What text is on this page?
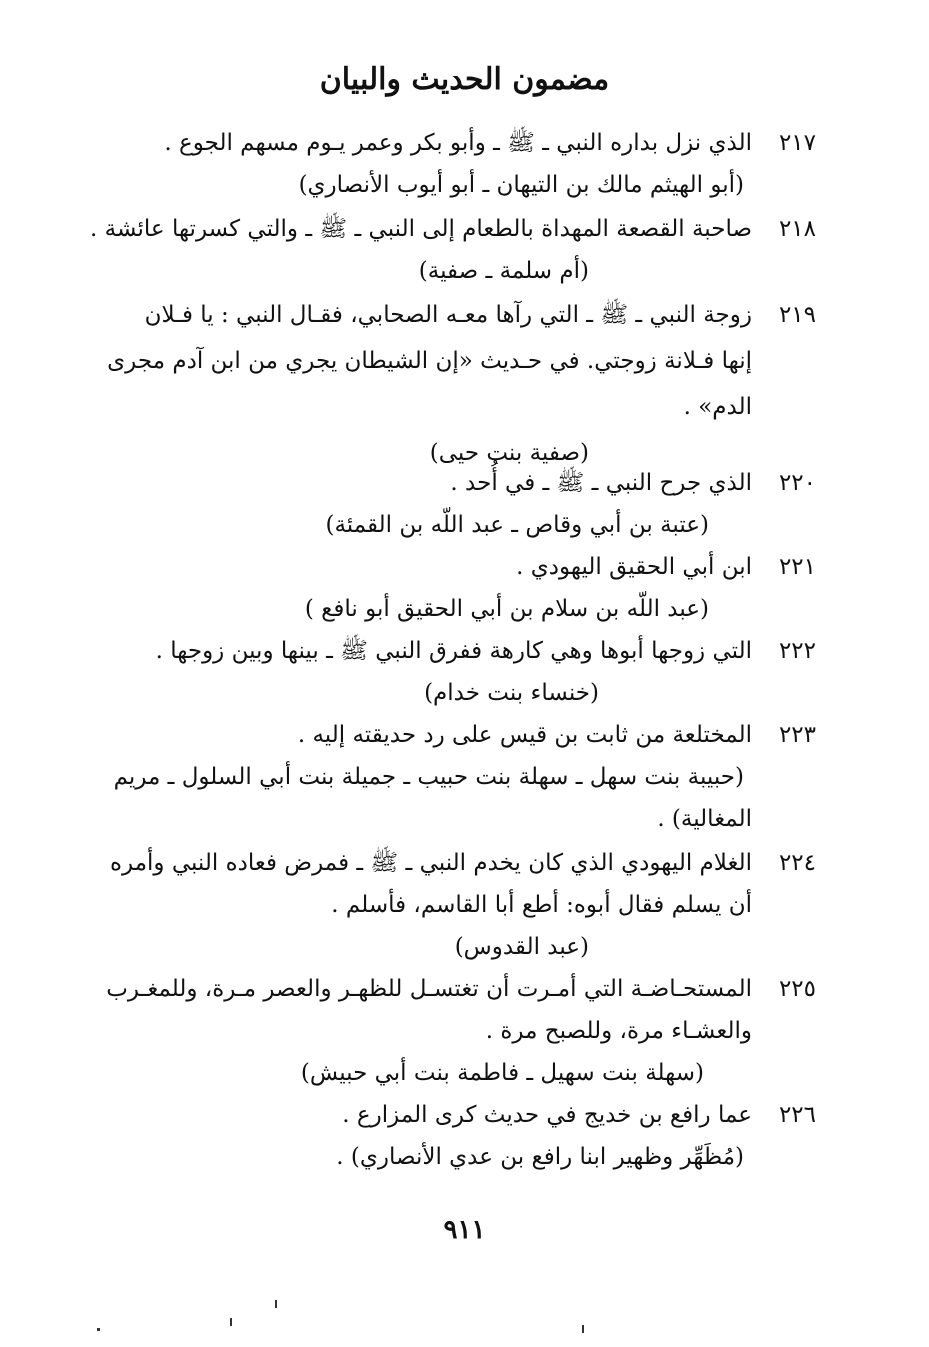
مضمون الحديث والبيان
٢١٧
الذي نزل بداره النبي ـ ﷺ ـ وأبو بكر وعمر يـوم مسهم الجوع .
(أبو الهيثم مالك بن التيهان ـ أبو أيوب الأنصاري)
٢١٨
صاحبة القصعة المهداة بالطعام إلى النبي ـ ﷺ ـ والتي كسرتها عائشة .
(أم سلمة ـ صفية)
٢١٩
زوجة النبي ـ ﷺ ـ التي رآها معـه الصحابي، فقـال النبي : يا فـلان
إنها فـلانة زوجتي. في حـديث «إن الشيطان يجري من ابن آدم مجرى
الدم» .
(صفية بنت حيى)
٢٢٠
الذي جرح النبي ـ ﷺ ـ في أُحد .
(عتبة بن أبي وقاص ـ عبد اللّه بن القمئة)
٢٢١
ابن أبي الحقيق اليهودي .
(عبد اللّه بن سلام بن أبي الحقيق أبو نافع )
٢٢٢
التي زوجها أبوها وهي كارهة ففرق النبي ﷺ ـ بينها وبين زوجها .
(خنساء بنت خدام)
٢٢٣
المختلعة من ثابت بن قيس على رد حديقته إليه .
(حبيبة بنت سهل ـ سهلة بنت حبيب ـ جميلة بنت أبي السلول ـ مريم
المغالية) .
٢٢٤
الغلام اليهودي الذي كان يخدم النبي ـ ﷺ ـ فمرض فعاده النبي وأمره
أن يسلم فقال أبوه: أطع أبا القاسم، فأسلم .
(عبد القدوس)
٢٢٥
المستحـاضـة التي أمـرت أن تغتسـل للظهـر والعصر مـرة، وللمغـرب
والعشـاء مرة، وللصبح مرة .
(سهلة بنت سهيل ـ فاطمة بنت أبي حبيش)
٢٢٦
عما رافع بن خديج في حديث كرى المزارع .
(مُظَهِّر وظهير ابنا رافع بن عدي الأنصاري) .
٩١١
